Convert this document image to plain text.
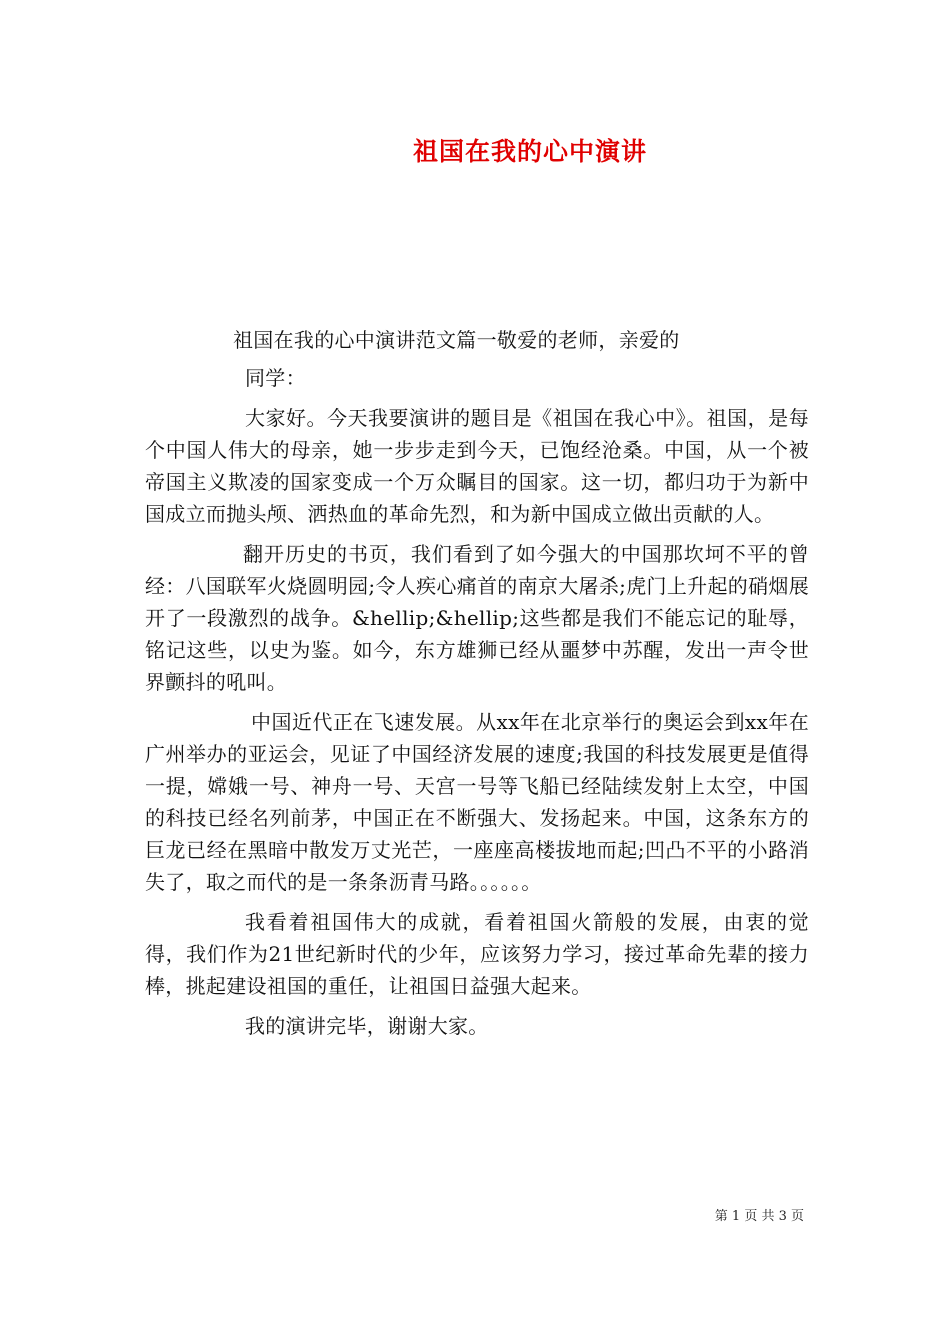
祖国在我的心中演讲
祖国在我的心中演讲范文篇一敬爱的老师，亲爱的
同学：

大家好。今天我要演讲的题目是《祖国在我心中》。祖国，是每个中国人伟大的母亲，她一步步走到今天，已饱经沧桑。中国，从一个被帝国主义欺凌的国家变成一个万众瞩目的国家。这一切，都归功于为新中国成立而抛头颅、洒热血的革命先烈，和为新中国成立做出贡献的人。

翻开历史的书页，我们看到了如今强大的中国那坎坷不平的曾经：八国联军火烧圆明园;令人疾心痛首的南京大屠杀;虎门上升起的硝烟展开了一段激烈的战争。&hellip;&hellip;这些都是我们不能忘记的耻辱，铭记这些，以史为鉴。如今，东方雄狮已经从噩梦中苏醒，发出一声令世界颤抖的吼叫。

中国近代正在飞速发展。从xx年在北京举行的奥运会到xx年在广州举办的亚运会，见证了中国经济发展的速度;我国的科技发展更是值得一提，嫦娥一号、神舟一号、天宫一号等飞船已经陆续发射上太空，中国的科技已经名列前茅，中国正在不断强大、发扬起来。中国，这条东方的巨龙已经在黑暗中散发万丈光芒，一座座高楼拔地而起;凹凸不平的小路消失了，取之而代的是一条条沥青马路。。。。。。

我看着祖国伟大的成就，看着祖国火箭般的发展，由衷的觉得，我们作为21世纪新时代的少年，应该努力学习，接过革命先辈的接力棒，挑起建设祖国的重任，让祖国日益强大起来。

我的演讲完毕，谢谢大家。

第 1 页 共 3 页
